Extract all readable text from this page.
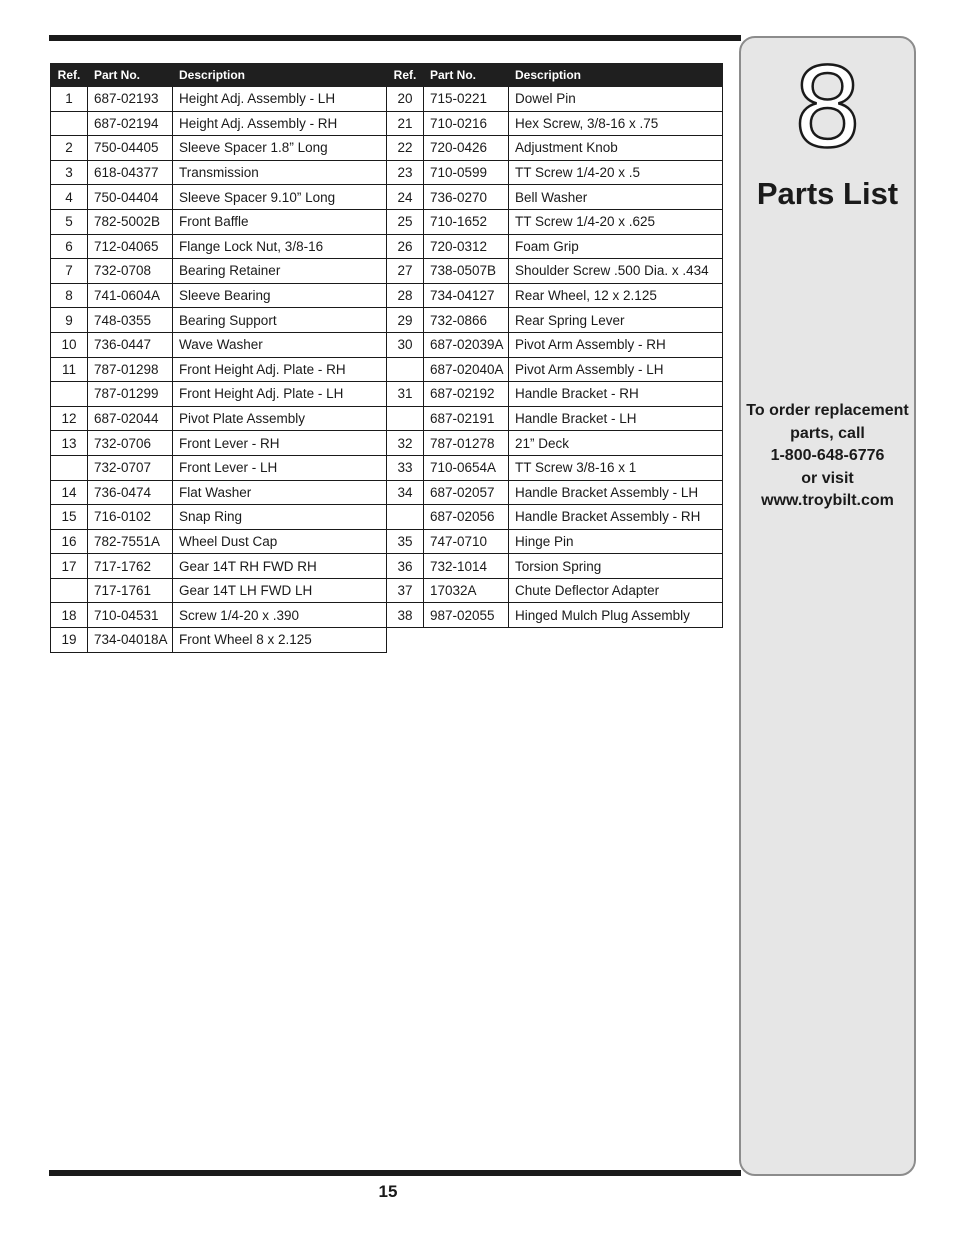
Ref.	Part No.	Description
1	687-02193	Height Adj. Assembly - LH
	687-02194	Height Adj. Assembly - RH
2	750-04405	Sleeve Spacer 1.8” Long
3	618-04377	Transmission
4	750-04404	Sleeve Spacer 9.10” Long
5	782-5002B	Front Baffle
6	712-04065	Flange Lock Nut, 3/8-16
7	732-0708	Bearing Retainer
8	741-0604A	Sleeve Bearing
9	748-0355	Bearing Support
10	736-0447	Wave Washer
11	787-01298	Front Height Adj. Plate - RH
	787-01299	Front Height Adj. Plate - LH
12	687-02044	Pivot Plate Assembly
13	732-0706	Front Lever - RH
	732-0707	Front Lever - LH
14	736-0474	Flat Washer
15	716-0102	Snap Ring
16	782-7551A	Wheel Dust Cap
17	717-1762	Gear 14T RH FWD RH
	717-1761	Gear 14T LH FWD LH
18	710-04531	Screw 1/4-20 x .390
19	734-04018A	Front Wheel 8 x 2.125
Ref.	Part No.	Description
20	715-0221	Dowel Pin
21	710-0216	Hex Screw, 3/8-16 x .75
22	720-0426	Adjustment Knob
23	710-0599	TT Screw 1/4-20 x .5
24	736-0270	Bell Washer
25	710-1652	TT Screw 1/4-20 x .625
26	720-0312	Foam Grip
27	738-0507B	Shoulder Screw .500 Dia. x .434
28	734-04127	Rear Wheel, 12 x 2.125
29	732-0866	Rear Spring Lever
30	687-02039A	Pivot Arm Assembly - RH
	687-02040A	Pivot Arm Assembly - LH
31	687-02192	Handle Bracket - RH
	687-02191	Handle Bracket - LH
32	787-01278	21” Deck
33	710-0654A	TT Screw 3/8-16 x 1
34	687-02057	Handle Bracket Assembly - LH
	687-02056	Handle Bracket Assembly - RH
35	747-0710	Hinge Pin
36	732-1014	Torsion Spring
37	17032A	Chute Deflector Adapter
38	987-02055	Hinged Mulch Plug Assembly
8
Parts List
To order replacement
parts, call
1-800-648-6776
or visit
www.troybilt.com
15
